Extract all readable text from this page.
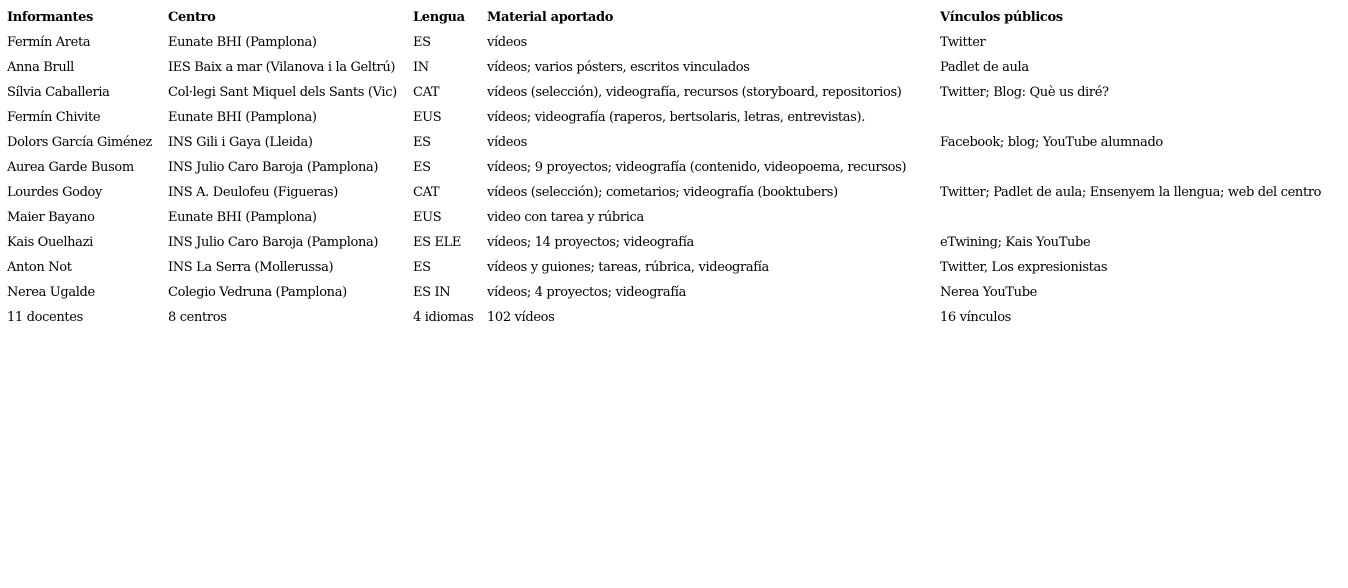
Informantes	Centro	Lengua	Material aportado	Vínculos públicos
Fermín Areta	Eunate BHI (Pamplona)	ES	vídeos	Twitter
Anna Brull	IES Baix a mar (Vilanova i la Geltrú)	IN	vídeos; varios pósters, escritos vinculados	Padlet de aula
Sílvia Caballeria	Col·legi Sant Miquel dels Sants (Vic)	CAT	vídeos (selección), videografía, recursos (storyboard, repositorios)	Twitter; Blog: Què us diré?
Fermín Chivite	Eunate BHI (Pamplona)	EUS	vídeos; videografía (raperos, bertsolaris, letras, entrevistas).	
Dolors García Giménez	INS Gili i Gaya (Lleida)	ES	vídeos	Facebook; blog; YouTube alumnado
Aurea Garde Busom	INS Julio Caro Baroja (Pamplona)	ES	vídeos; 9 proyectos; videografía (contenido, videopoema, recursos)	
Lourdes Godoy	INS A. Deulofeu (Figueras)	CAT	vídeos (selección); cometarios; videografía (booktubers)	Twitter; Padlet de aula; Ensenyem la llengua; web del centro
Maier Bayano	Eunate BHI (Pamplona)	EUS	video con tarea y rúbrica	
Kais Ouelhazi	INS Julio Caro Baroja (Pamplona)	ES ELE	vídeos; 14 proyectos; videografía	eTwining; Kais YouTube
Anton Not	INS La Serra (Mollerussa)	ES	vídeos y guiones; tareas, rúbrica, videografía	Twitter, Los expresionistas
Nerea Ugalde	Colegio Vedruna (Pamplona)	ES IN	vídeos; 4 proyectos; videografía	Nerea YouTube
11 docentes	8 centros	4 idiomas	102 vídeos	16 vínculos
